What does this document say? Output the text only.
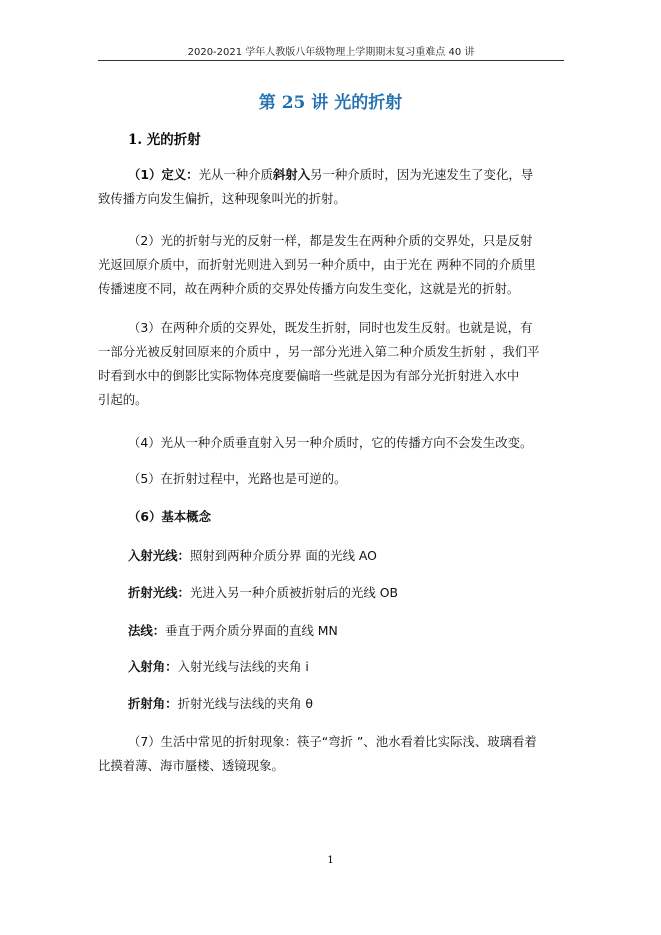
2020-2021 学年人教版八年级物理上学期期末复习重难点 40 讲
第 25 讲 光的折射
1. 光的折射
（1）定义：光从一种介质斜射入另一种介质时，因为光速发生了变化，导
致传播方向发生偏折，这种现象叫光的折射。
（2）光的折射与光的反射一样，都是发生在两种介质的交界处，只是反射
光返回原介质中，而折射光则进入到另一种介质中，由于光在 两种不同的介质里
传播速度不同，故在两种介质的交界处传播方向发生变化，这就是光的折射。
（3）在两种介质的交界处，既发生折射，同时也发生反射。也就是说，有
一部分光被反射回原来的介质中 ，另一部分光进入第二种介质发生折射 ，我们平
时看到水中的倒影比实际物体亮度要偏暗一些就是因为有部分光折射进入水中
引起的。
（4）光从一种介质垂直射入另一种介质时，它的传播方向不会发生改变。
（5）在折射过程中，光路也是可逆的。
（6）基本概念
入射光线：照射到两种介质分界 面的光线 AO
折射光线：光进入另一种介质被折射后的光线 OB
法线：垂直于两介质分界面的直线 MN
入射角：入射光线与法线的夹角 i
折射角：折射光线与法线的夹角 θ
（7）生活中常见的折射现象：筷子“弯折 ”、池水看着比实际浅、玻璃看着
比摸着薄、海市蜃楼、透镜现象。
1
